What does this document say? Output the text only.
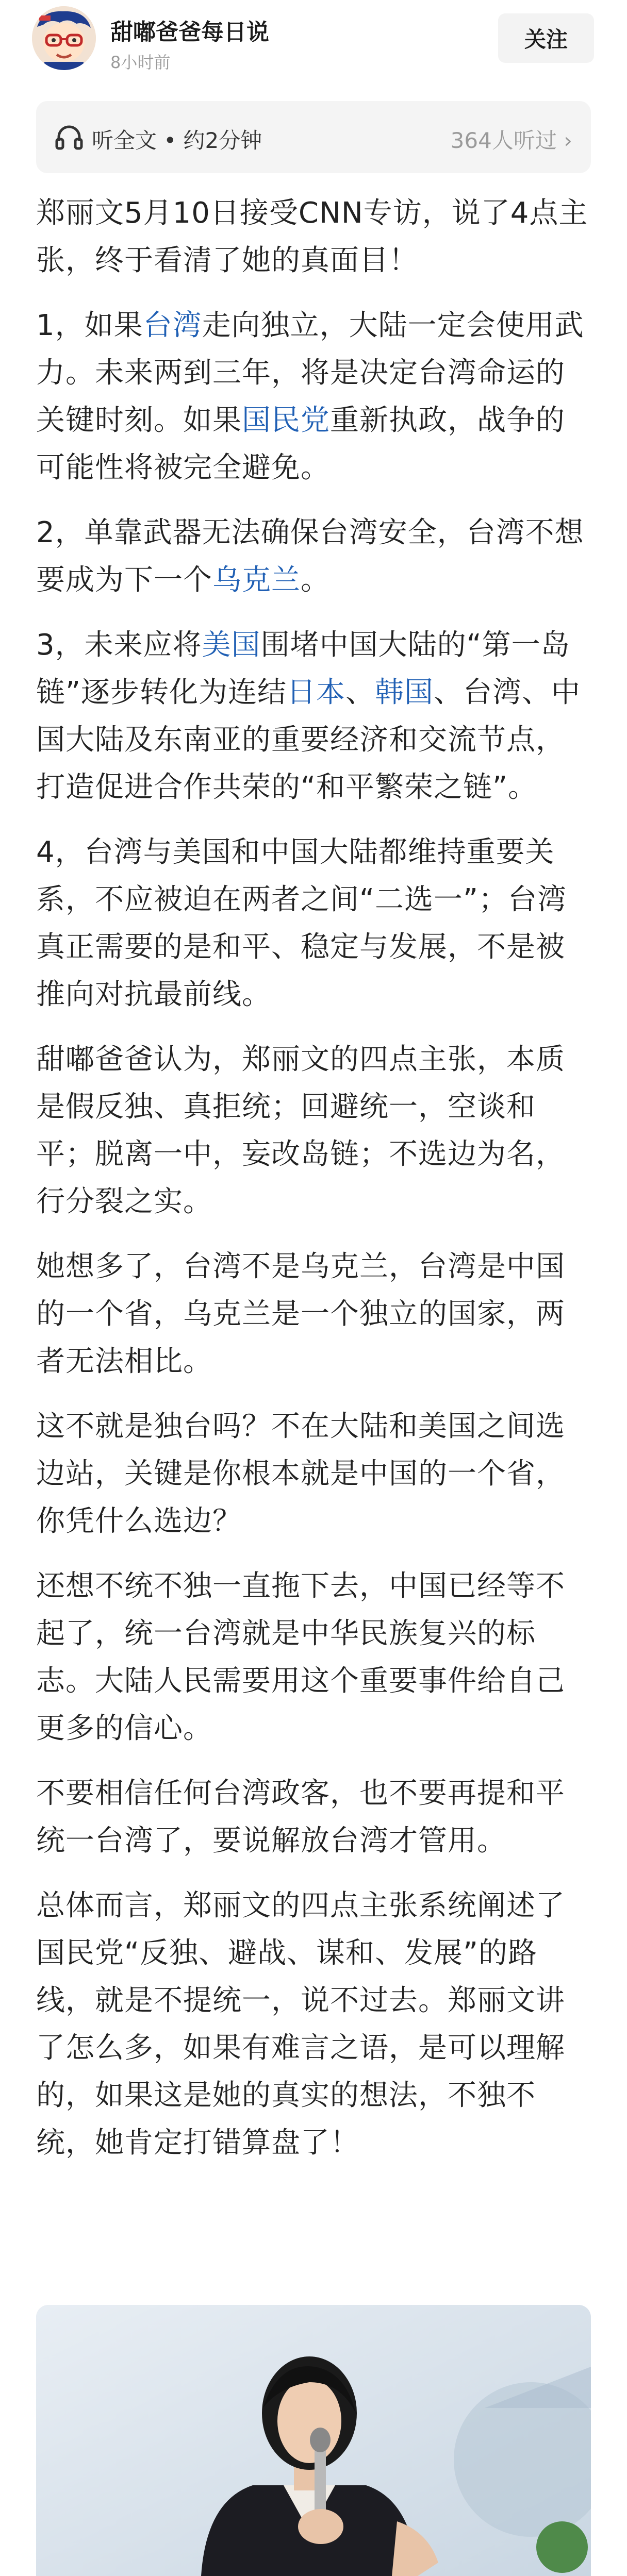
甜嘟爸爸每日说
8小时前
关注
听全文 • 约2分钟	364人听过 ›

郑丽文5月10日接受CNN专访，说了4点主张，终于看清了她的真面目！

1，如果台湾走向独立，大陆一定会使用武力。未来两到三年，将是决定台湾命运的关键时刻。如果国民党重新执政，战争的可能性将被完全避免。

2，单靠武器无法确保台湾安全，台湾不想要成为下一个乌克兰。

3，未来应将美国围堵中国大陆的“第一岛链”逐步转化为连结日本、韩国、台湾、中国大陆及东南亚的重要经济和交流节点，打造促进合作共荣的“和平繁荣之链”。

4，台湾与美国和中国大陆都维持重要关系，不应被迫在两者之间“二选一”；台湾真正需要的是和平、稳定与发展，不是被推向对抗最前线。

甜嘟爸爸认为，郑丽文的四点主张，本质是假反独、真拒统；回避统一，空谈和平；脱离一中，妄改岛链；不选边为名，行分裂之实。

她想多了，台湾不是乌克兰，台湾是中国的一个省，乌克兰是一个独立的国家，两者无法相比。

这不就是独台吗？不在大陆和美国之间选边站，关键是你根本就是中国的一个省，你凭什么选边？

还想不统不独一直拖下去，中国已经等不起了，统一台湾就是中华民族复兴的标志。大陆人民需要用这个重要事件给自己更多的信心。

不要相信任何台湾政客，也不要再提和平统一台湾了，要说解放台湾才管用。

总体而言，郑丽文的四点主张系统阐述了国民党“反独、避战、谋和、发展”的路线，就是不提统一，说不过去。郑丽文讲了怎么多，如果有难言之语，是可以理解的，如果这是她的真实的想法，不独不统，她肯定打错算盘了！
